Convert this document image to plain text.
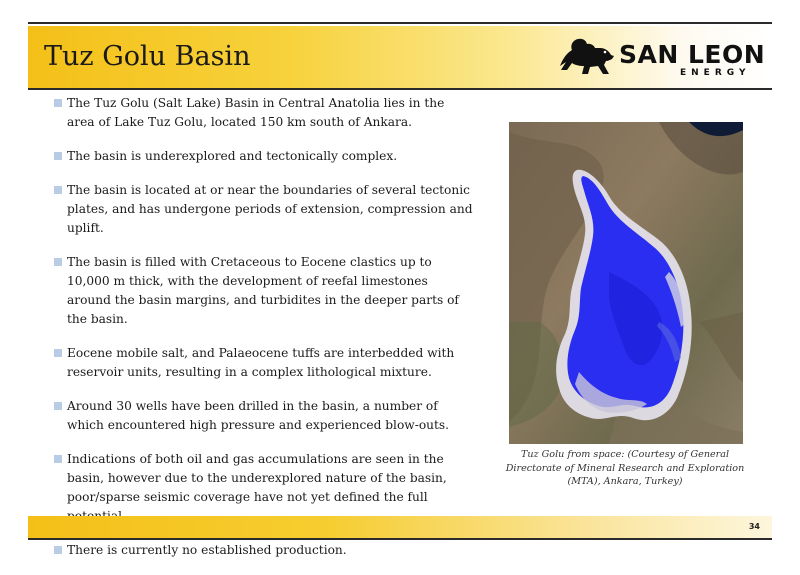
Tuz Golu Basin	SAN LEON
ENERGY
The Tuz Golu (Salt Lake) Basin in Central Anatolia lies in the area of Lake Tuz Golu, located 150 km south of Ankara.
The basin is underexplored and tectonically complex.
The basin is located at or near the boundaries of several tectonic plates, and has undergone periods of extension, compression and uplift.
The basin is filled with Cretaceous to Eocene clastics up to 10,000 m thick, with the development of reefal limestones around the basin margins, and turbidites in the deeper parts of the basin.
Eocene mobile salt, and Palaeocene tuffs are interbedded with reservoir units, resulting in a complex lithological mixture.
Around 30 wells have been drilled in the basin, a number of which encountered high pressure and experienced blow-outs.
Indications of both oil and gas accumulations are seen in the basin, however due to the underexplored nature of the basin, poor/sparse seismic coverage have not yet defined the full
There is currently no established production.
Tuz Golu from space: (Courtesy of General Directorate of Mineral Research and Exploration (MTA), Ankara, Turkey)
34
